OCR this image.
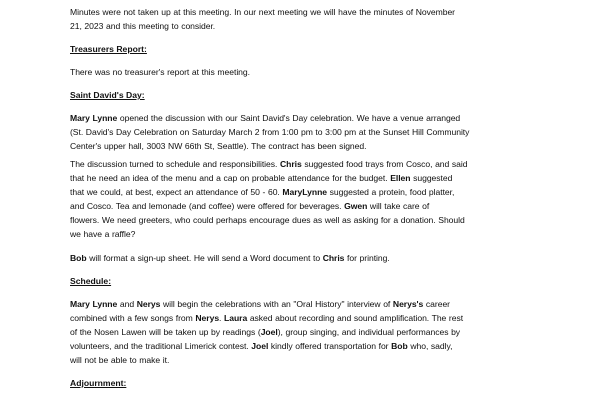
Minutes were not taken up at this meeting. In our next meeting we will have the minutes of November
21, 2023 and this meeting to consider.
Treasurers Report:
There was no treasurer's report at this meeting.
Saint David's Day:
Mary Lynne opened the discussion with our Saint David's Day celebration. We have a venue arranged
(St. David's Day Celebration on Saturday March 2 from 1:00 pm to 3:00 pm at the Sunset Hill Community
Center's upper hall, 3003 NW 66th St, Seattle). The contract has been signed.
The discussion turned to schedule and responsibilities. Chris suggested food trays from Cosco, and said
that he need an idea of the menu and a cap on probable attendance for the budget. Ellen suggested
that we could, at best, expect an attendance of 50 - 60. MaryLynne suggested a protein, food platter,
and Cosco. Tea and lemonade (and coffee) were offered for beverages. Gwen will take care of
flowers. We need greeters, who could perhaps encourage dues as well as asking for a donation. Should
we have a raffle?
Bob will format a sign-up sheet. He will send a Word document to Chris for printing.
Schedule:
Mary Lynne and Nerys will begin the celebrations with an "Oral History" interview of Nerys's career
combined with a few songs from Nerys. Laura asked about recording and sound amplification. The rest
of the Nosen Lawen will be taken up by readings (Joel), group singing, and individual performances by
volunteers, and the traditional Limerick contest. Joel kindly offered transportation for Bob who, sadly,
will not be able to make it.
Adjournment:
